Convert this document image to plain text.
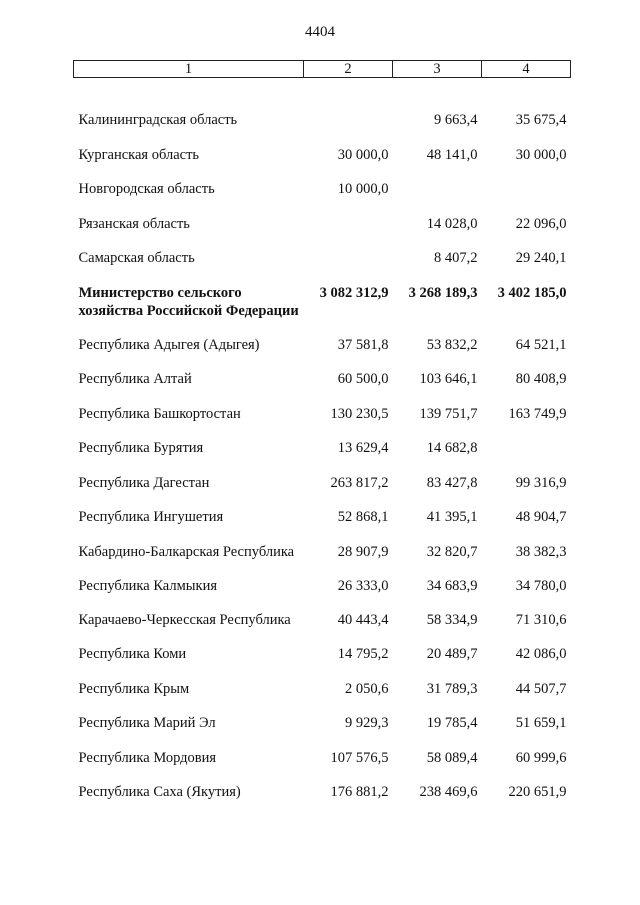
4404
1	2	3	4
Калининградская область		9 663,4	35 675,4
Курганская область	30 000,0	48 141,0	30 000,0
Новгородская область	10 000,0		
Рязанская область		14 028,0	22 096,0
Самарская область		8 407,2	29 240,1
Министерство сельского хозяйства Российской Федерации	3 082 312,9	3 268 189,3	3 402 185,0
Республика Адыгея (Адыгея)	37 581,8	53 832,2	64 521,1
Республика Алтай	60 500,0	103 646,1	80 408,9
Республика Башкортостан	130 230,5	139 751,7	163 749,9
Республика Бурятия	13 629,4	14 682,8	
Республика Дагестан	263 817,2	83 427,8	99 316,9
Республика Ингушетия	52 868,1	41 395,1	48 904,7
Кабардино-Балкарская Республика	28 907,9	32 820,7	38 382,3
Республика Калмыкия	26 333,0	34 683,9	34 780,0
Карачаево-Черкесская Республика	40 443,4	58 334,9	71 310,6
Республика Коми	14 795,2	20 489,7	42 086,0
Республика Крым	2 050,6	31 789,3	44 507,7
Республика Марий Эл	9 929,3	19 785,4	51 659,1
Республика Мордовия	107 576,5	58 089,4	60 999,6
Республика Саха (Якутия)	176 881,2	238 469,6	220 651,9
